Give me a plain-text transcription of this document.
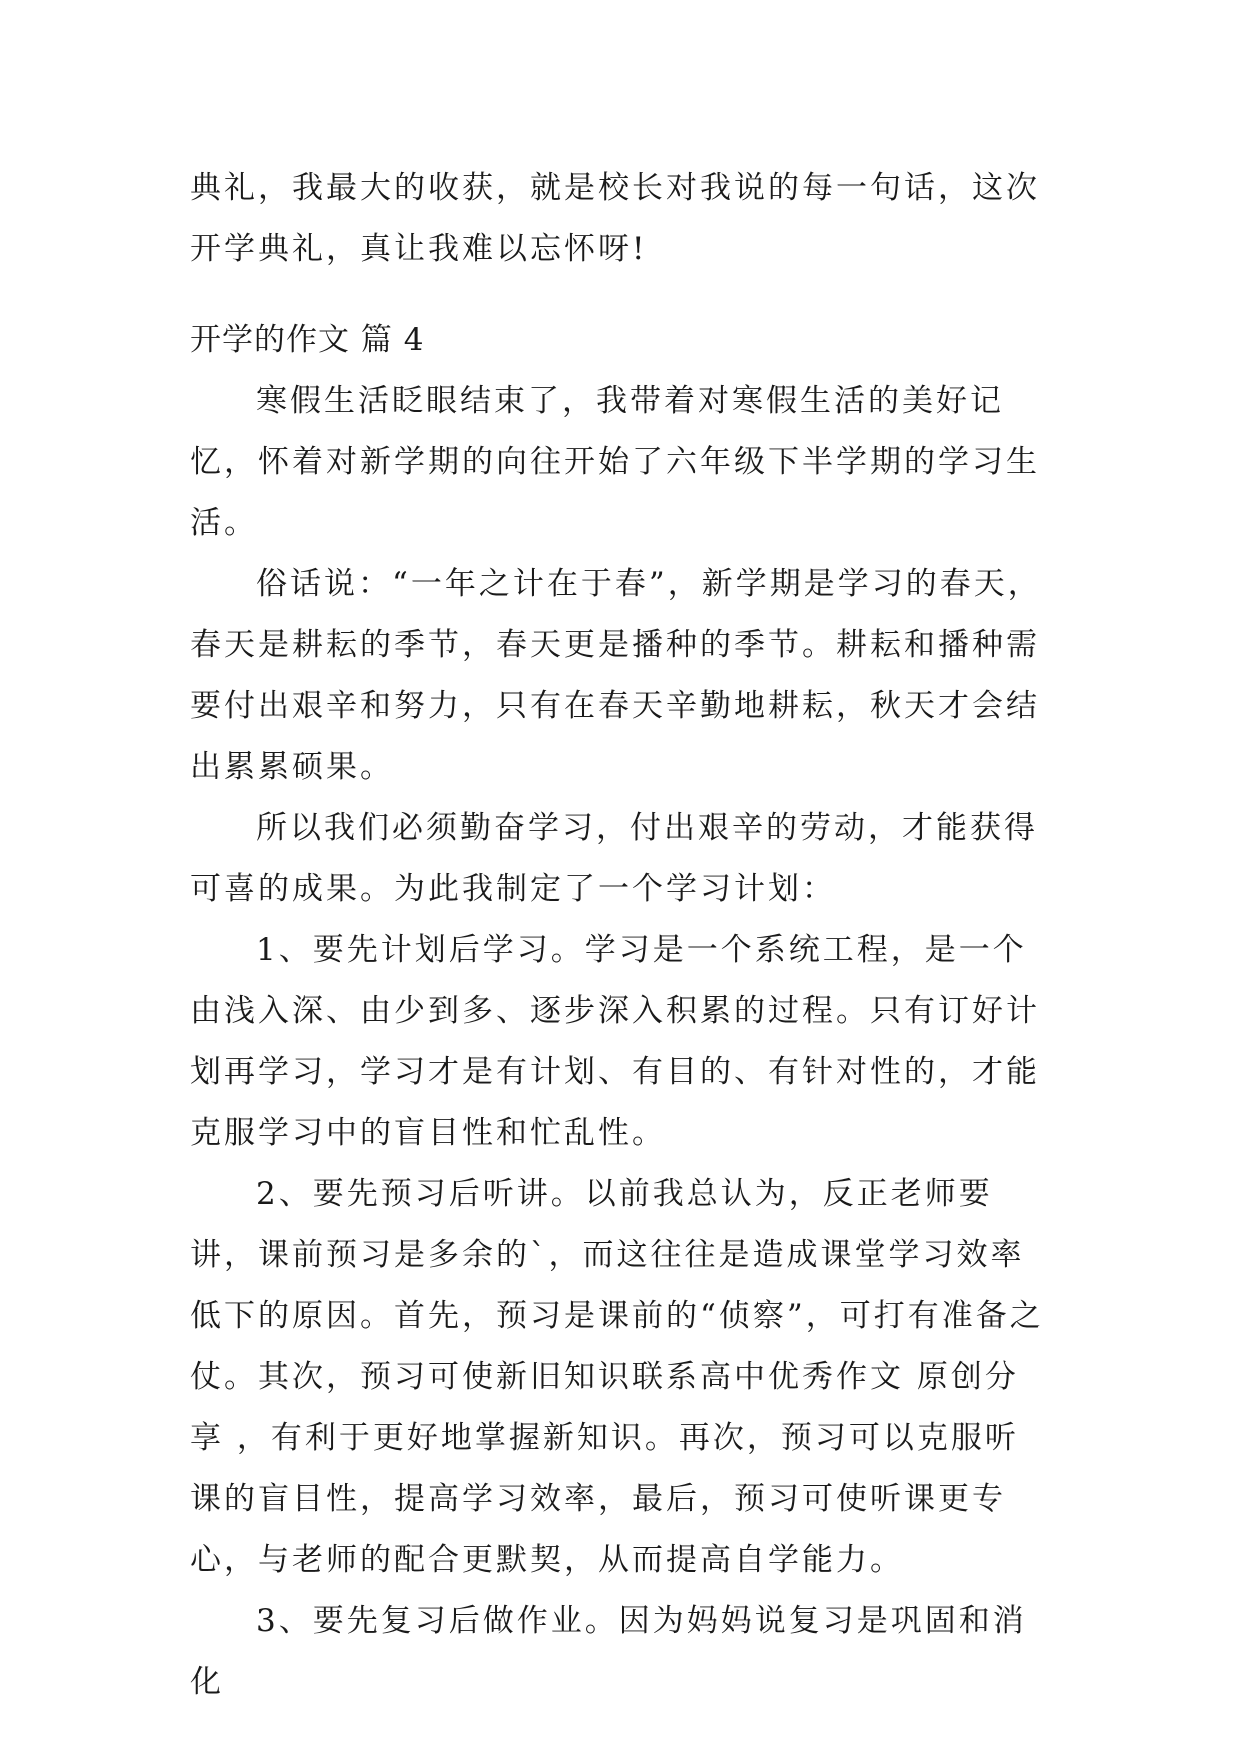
典礼，我最大的收获，就是校长对我说的每一句话，这次开学典礼，真让我难以忘怀呀!

开学的作文 篇 4

寒假生活眨眼结束了，我带着对寒假生活的美好记忆，怀着对新学期的向往开始了六年级下半学期的学习生活。

俗话说：“一年之计在于春”，新学期是学习的春天，春天是耕耘的季节，春天更是播种的季节。耕耘和播种需要付出艰辛和努力，只有在春天辛勤地耕耘，秋天才会结出累累硕果。

所以我们必须勤奋学习，付出艰辛的劳动，才能获得可喜的成果。为此我制定了一个学习计划：

1、要先计划后学习。学习是一个系统工程，是一个由浅入深、由少到多、逐步深入积累的过程。只有订好计划再学习，学习才是有计划、有目的、有针对性的，才能克服学习中的盲目性和忙乱性。

2、要先预习后听讲。以前我总认为，反正老师要讲，课前预习是多余的`，而这往往是造成课堂学习效率低下的原因。首先，预习是课前的“侦察”，可打有准备之仗。其次，预习可使新旧知识联系高中优秀作文 原创分享 ，有利于更好地掌握新知识。再次，预习可以克服听课的盲目性，提高学习效率，最后，预习可使听课更专心，与老师的配合更默契，从而提高自学能力。

3、要先复习后做作业。因为妈妈说复习是巩固和消化
